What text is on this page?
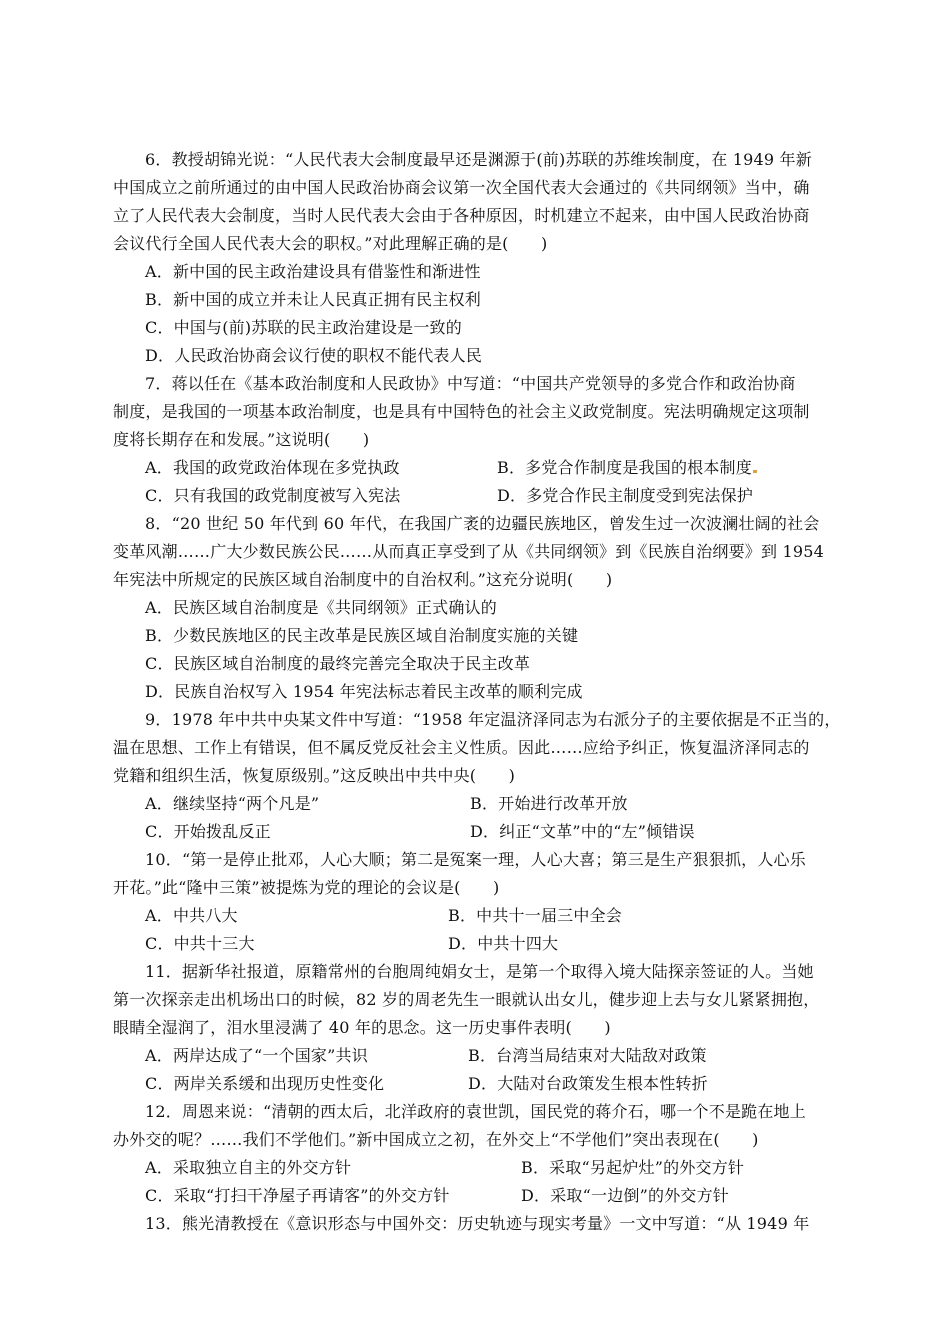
6．教授胡锦光说：“人民代表大会制度最早还是渊源于(前)苏联的苏维埃制度，在 1949 年新
中国成立之前所通过的由中国人民政治协商会议第一次全国代表大会通过的《共同纲领》当中，确
立了人民代表大会制度，当时人民代表大会由于各种原因，时机建立不起来，由中国人民政治协商
会议代行全国人民代表大会的职权。”对此理解正确的是(　　)
A．新中国的民主政治建设具有借鉴性和渐进性
B．新中国的成立并未让人民真正拥有民主权利
C．中国与(前)苏联的民主政治建设是一致的
D．人民政治协商会议行使的职权不能代表人民
7．蒋以任在《基本政治制度和人民政协》中写道：“中国共产党领导的多党合作和政治协商
制度，是我国的一项基本政治制度，也是具有中国特色的社会主义政党制度。宪法明确规定这项制
度将长期存在和发展。”这说明(　　)
A．我国的政党政治体现在多党执政	B．多党合作制度是我国的根本制度
C．只有我国的政党制度被写入宪法	D．多党合作民主制度受到宪法保护
8．“20 世纪 50 年代到 60 年代，在我国广袤的边疆民族地区，曾发生过一次波澜壮阔的社会
变革风潮……广大少数民族公民……从而真正享受到了从《共同纲领》到《民族自治纲要》到 1954
年宪法中所规定的民族区域自治制度中的自治权利。”这充分说明(　　)
A．民族区域自治制度是《共同纲领》正式确认的
B．少数民族地区的民主改革是民族区域自治制度实施的关键
C．民族区域自治制度的最终完善完全取决于民主改革
D．民族自治权写入 1954 年宪法标志着民主改革的顺利完成
9．1978 年中共中央某文件中写道：“1958 年定温济泽同志为右派分子的主要依据是不正当的，
温在思想、工作上有错误，但不属反党反社会主义性质。因此……应给予纠正，恢复温济泽同志的
党籍和组织生活，恢复原级别。”这反映出中共中央(　　)
A．继续坚持“两个凡是”	B．开始进行改革开放
C．开始拨乱反正	D．纠正“文革”中的“左”倾错误
10．“第一是停止批邓，人心大顺；第二是冤案一理，人心大喜；第三是生产狠狠抓，人心乐
开花。”此“隆中三策”被提炼为党的理论的会议是(　　)
A．中共八大	B．中共十一届三中全会
C．中共十三大	D．中共十四大
11．据新华社报道，原籍常州的台胞周纯娟女士，是第一个取得入境大陆探亲签证的人。当她
第一次探亲走出机场出口的时候，82 岁的周老先生一眼就认出女儿，健步迎上去与女儿紧紧拥抱，
眼睛全湿润了，泪水里浸满了 40 年的思念。这一历史事件表明(　　)
A．两岸达成了“一个国家”共识	B．台湾当局结束对大陆敌对政策
C．两岸关系缓和出现历史性变化	D．大陆对台政策发生根本性转折
12．周恩来说：“清朝的西太后，北洋政府的袁世凯，国民党的蒋介石，哪一个不是跪在地上
办外交的呢？……我们不学他们。”新中国成立之初，在外交上“不学他们”突出表现在(　　)
A．采取独立自主的外交方针	B．采取“另起炉灶”的外交方针
C．采取“打扫干净屋子再请客”的外交方针	D．采取“一边倒”的外交方针
13．熊光清教授在《意识形态与中国外交：历史轨迹与现实考量》一文中写道：“从 1949 年
